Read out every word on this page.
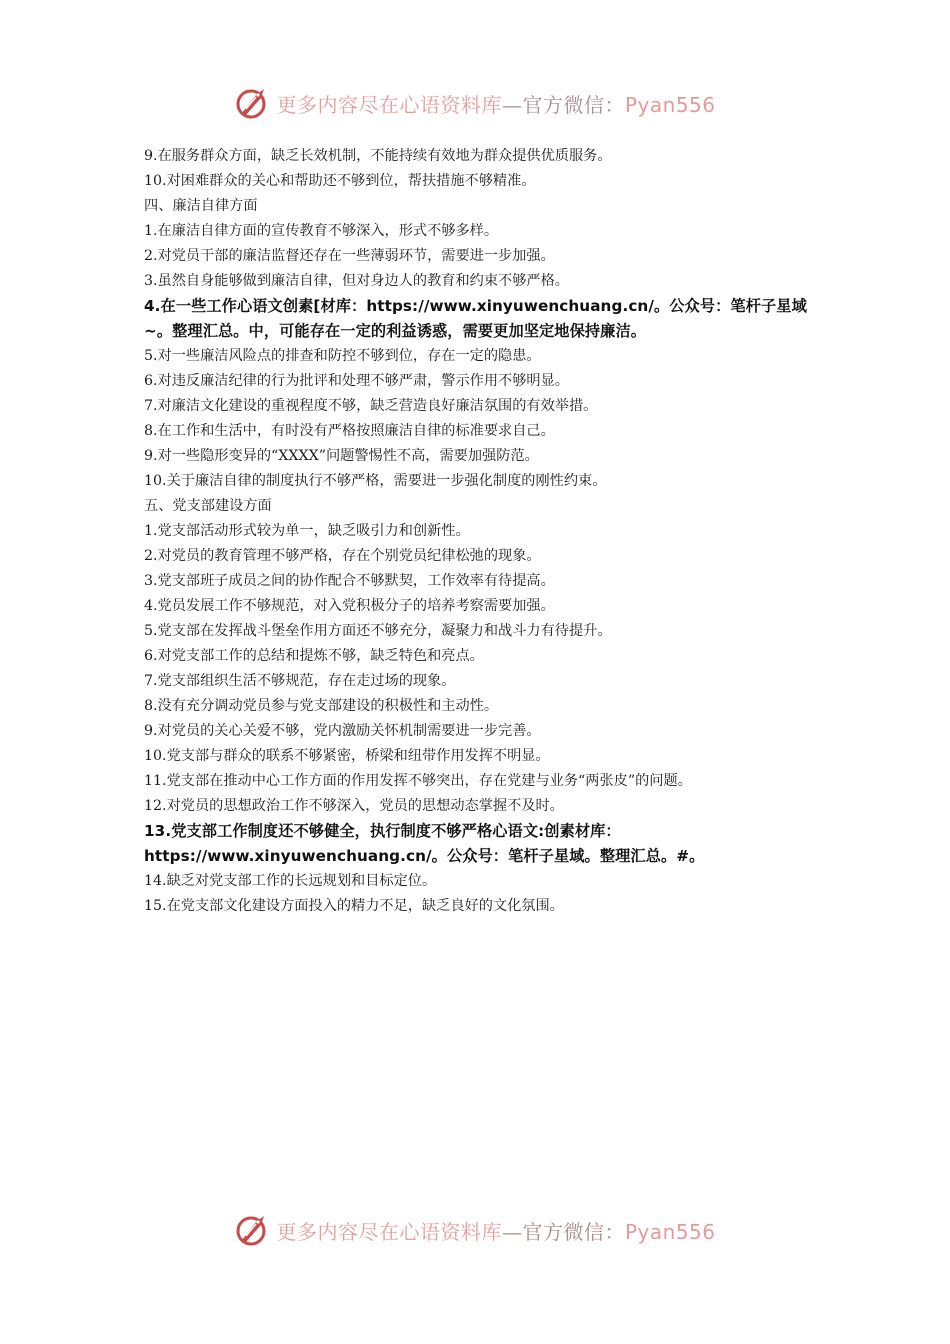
更多内容尽在心语资料库—官方微信：Pyan556
9.在服务群众方面，缺乏长效机制，不能持续有效地为群众提供优质服务。
10.对困难群众的关心和帮助还不够到位，帮扶措施不够精准。
四、廉洁自律方面
1.在廉洁自律方面的宣传教育不够深入，形式不够多样。
2.对党员干部的廉洁监督还存在一些薄弱环节，需要进一步加强。
3.虽然自身能够做到廉洁自律，但对身边人的教育和约束不够严格。
4.在一些工作心语文创素[材库：https://www.xinyuwenchuang.cn/。公众号：笔杆子星域~。整理汇总。中，可能存在一定的利益诱惑，需要更加坚定地保持廉洁。
5.对一些廉洁风险点的排查和防控不够到位，存在一定的隐患。
6.对违反廉洁纪律的行为批评和处理不够严肃，警示作用不够明显。
7.对廉洁文化建设的重视程度不够，缺乏营造良好廉洁氛围的有效举措。
8.在工作和生活中，有时没有严格按照廉洁自律的标准要求自己。
9.对一些隐形变异的“XXXX”问题警惕性不高，需要加强防范。
10.关于廉洁自律的制度执行不够严格，需要进一步强化制度的刚性约束。
五、党支部建设方面
1.党支部活动形式较为单一，缺乏吸引力和创新性。
2.对党员的教育管理不够严格，存在个别党员纪律松弛的现象。
3.党支部班子成员之间的协作配合不够默契，工作效率有待提高。
4.党员发展工作不够规范，对入党积极分子的培养考察需要加强。
5.党支部在发挥战斗堡垒作用方面还不够充分，凝聚力和战斗力有待提升。
6.对党支部工作的总结和提炼不够，缺乏特色和亮点。
7.党支部组织生活不够规范，存在走过场的现象。
8.没有充分调动党员参与党支部建设的积极性和主动性。
9.对党员的关心关爱不够，党内激励关怀机制需要进一步完善。
10.党支部与群众的联系不够紧密，桥梁和纽带作用发挥不明显。
11.党支部在推动中心工作方面的作用发挥不够突出，存在党建与业务“两张皮”的问题。
12.对党员的思想政治工作不够深入，党员的思想动态掌握不及时。
13.党支部工作制度还不够健全，执行制度不够严格心语文:创素材库：https://www.xinyuwenchuang.cn/。公众号：笔杆子星域。整理汇总。#。
14.缺乏对党支部工作的长远规划和目标定位。
15.在党支部文化建设方面投入的精力不足，缺乏良好的文化氛围。
更多内容尽在心语资料库—官方微信：Pyan556
